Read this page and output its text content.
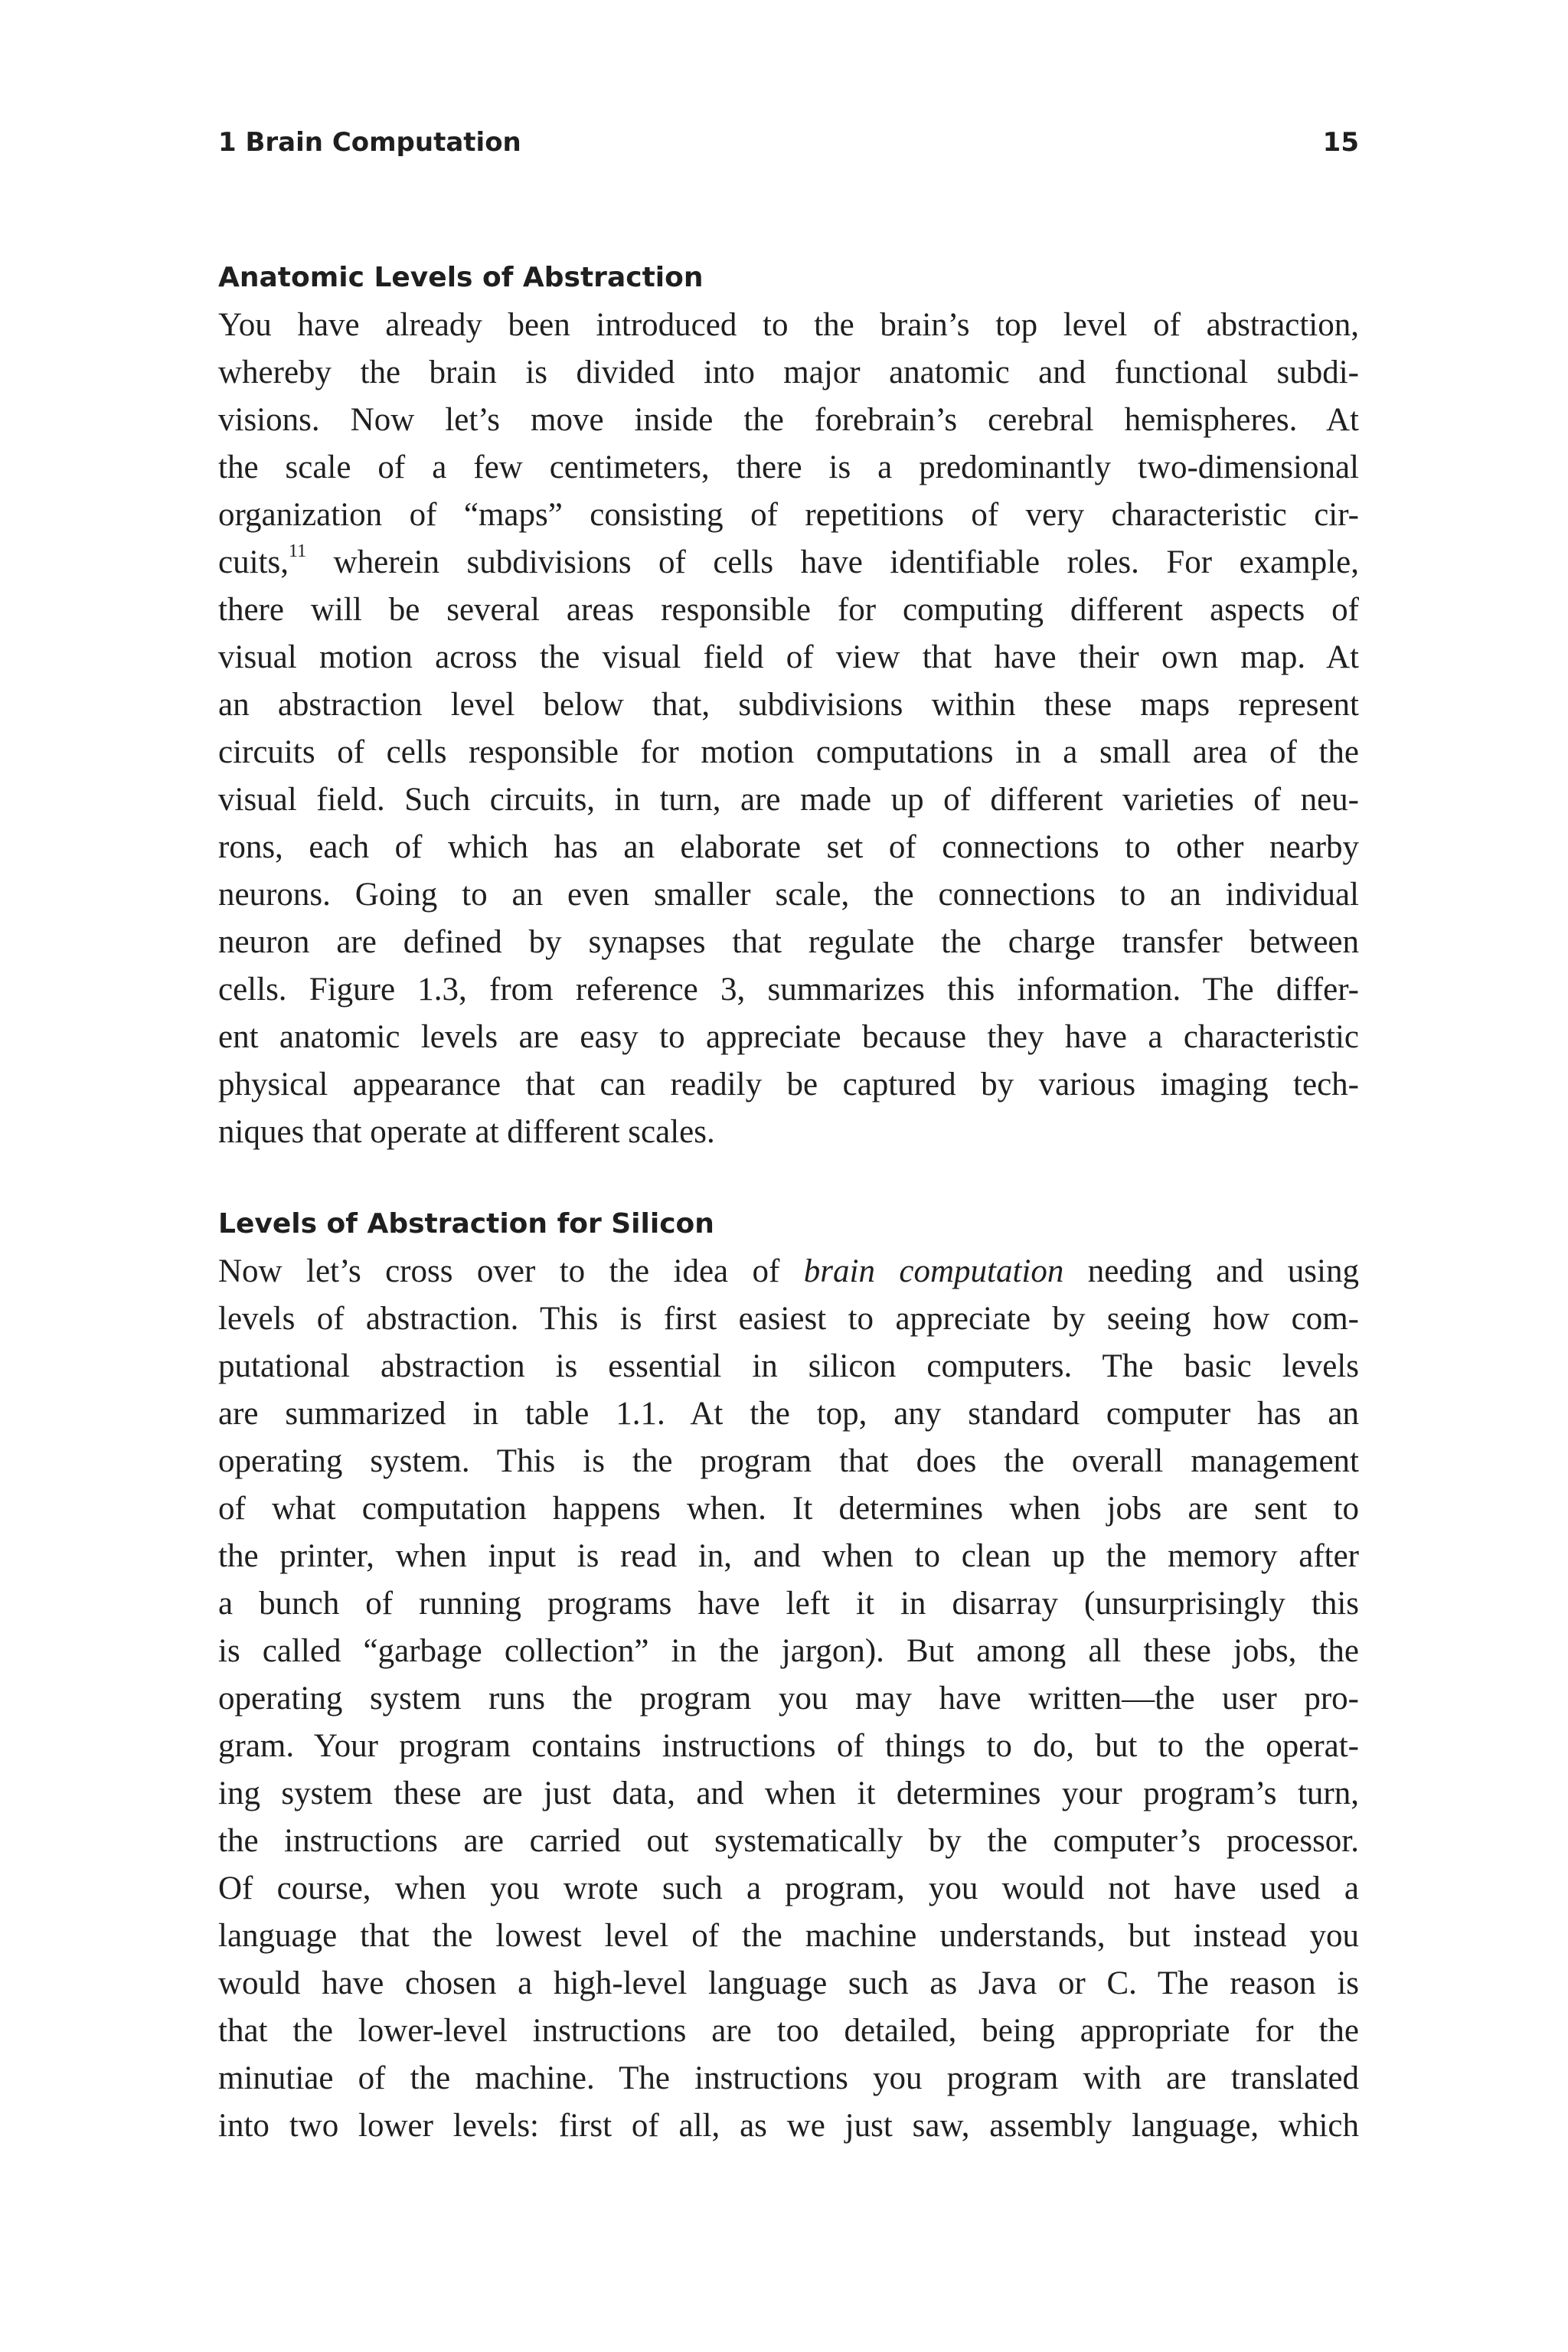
1 Brain Computation	15
Anatomic Levels of Abstraction

You have already been introduced to the brain’s top level of abstraction,
whereby the brain is divided into major anatomic and functional subdi-
visions. Now let’s move inside the forebrain’s cerebral hemispheres. At
the scale of a few centimeters, there is a predominantly two-dimensional
organization of “maps” consisting of repetitions of very characteristic cir-
cuits,$^{11}$ wherein subdivisions of cells have identifiable roles. For example,
there will be several areas responsible for computing different aspects of
visual motion across the visual field of view that have their own map. At
an abstraction level below that, subdivisions within these maps represent
circuits of cells responsible for motion computations in a small area of the
visual field. Such circuits, in turn, are made up of different varieties of neu-
rons, each of which has an elaborate set of connections to other nearby
neurons. Going to an even smaller scale, the connections to an individual
neuron are defined by synapses that regulate the charge transfer between
cells. Figure 1.3, from reference 3, summarizes this information. The differ-
ent anatomic levels are easy to appreciate because they have a characteristic
physical appearance that can readily be captured by various imaging tech-
niques that operate at different scales.

Levels of Abstraction for Silicon

Now let’s cross over to the idea of brain computation needing and using
levels of abstraction. This is first easiest to appreciate by seeing how com-
putational abstraction is essential in silicon computers. The basic levels
are summarized in table 1.1. At the top, any standard computer has an
operating system. This is the program that does the overall management
of what computation happens when. It determines when jobs are sent to
the printer, when input is read in, and when to clean up the memory after
a bunch of running programs have left it in disarray (unsurprisingly this
is called “garbage collection” in the jargon). But among all these jobs, the
operating system runs the program you may have written—the user pro-
gram. Your program contains instructions of things to do, but to the operat-
ing system these are just data, and when it determines your program’s turn,
the instructions are carried out systematically by the computer’s processor.
Of course, when you wrote such a program, you would not have used a
language that the lowest level of the machine understands, but instead you
would have chosen a high-level language such as Java or C. The reason is
that the lower-level instructions are too detailed, being appropriate for the
minutiae of the machine. The instructions you program with are translated
into two lower levels: first of all, as we just saw, assembly language, which
